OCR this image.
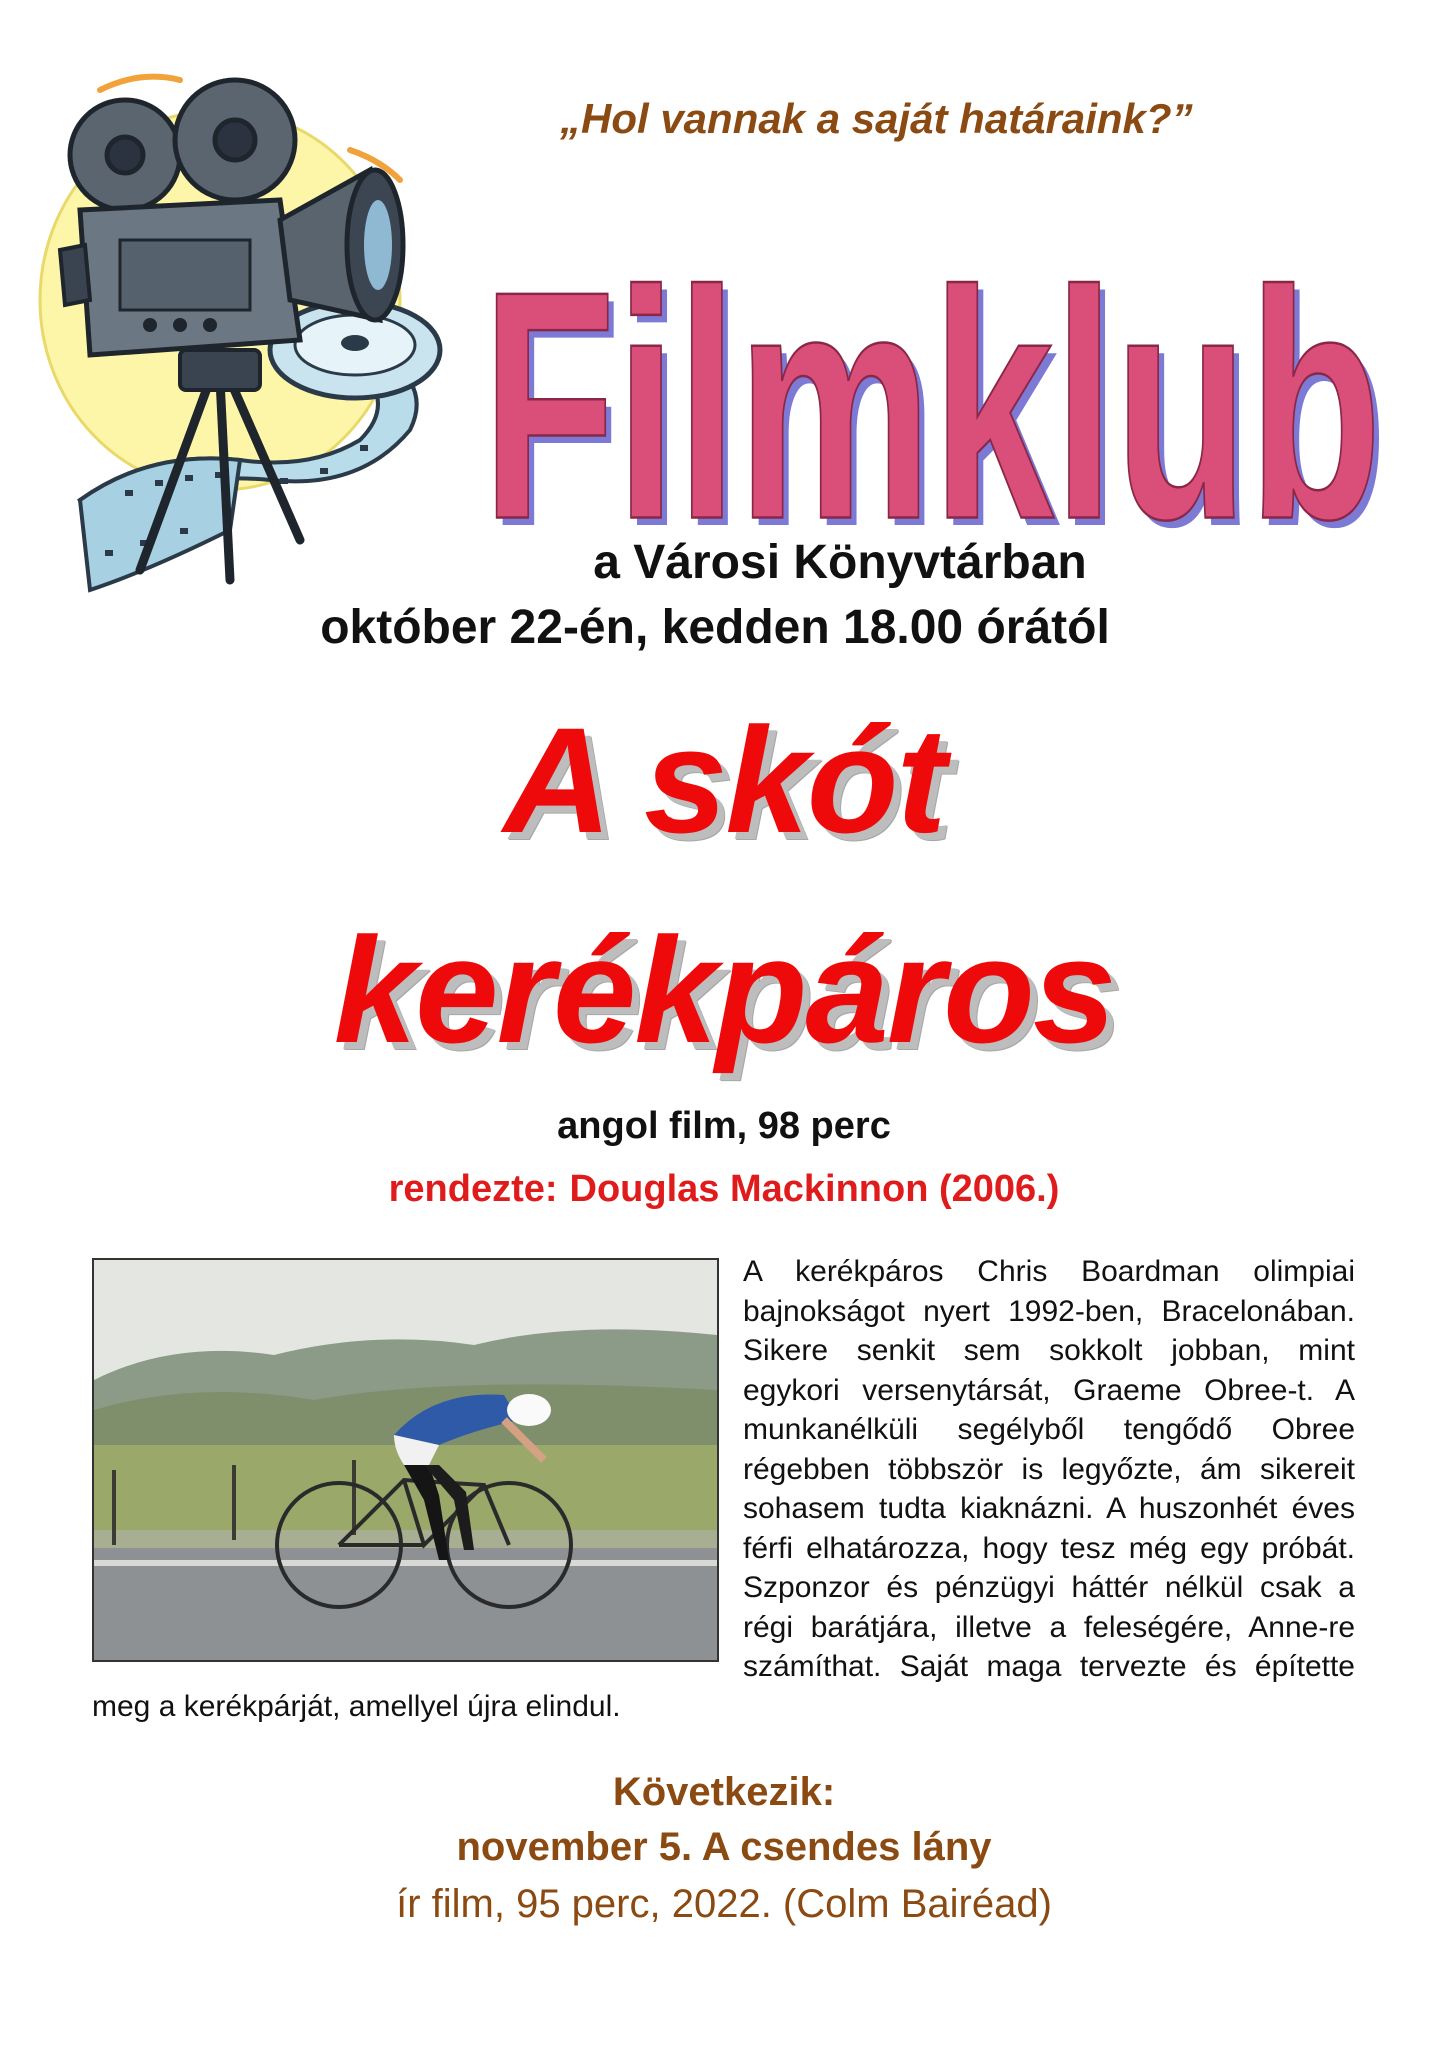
„Hol vannak a saját határaink?”
Filmklub
Filmklub
a Városi Könyvtárban
október 22-én, kedden 18.00 órától
A skót
kerékpáros
angol film, 98 perc
rendezte: Douglas Mackinnon (2006.)
A kerékpáros Chris Boardman olimpiai bajnokságot nyert 1992-ben, Bracelonában. Sikere senkit sem sokkolt jobban, mint egykori versenytársát, Graeme Obree-t. A munkanélküli segélyből tengődő Obree régebben többször is legyőzte, ám sikereit sohasem tudta kiaknázni. A huszonhét éves férfi elhatározza, hogy tesz még egy próbát. Szponzor és pénzügyi háttér nélkül csak a régi barátjára, illetve a feleségére, Anne-re számíthat. Saját maga tervezte és építette meg a kerékpárját, amellyel újra elindul.
Következik:
november 5. A csendes lány
ír film, 95 perc, 2022. (Colm Bairéad)
